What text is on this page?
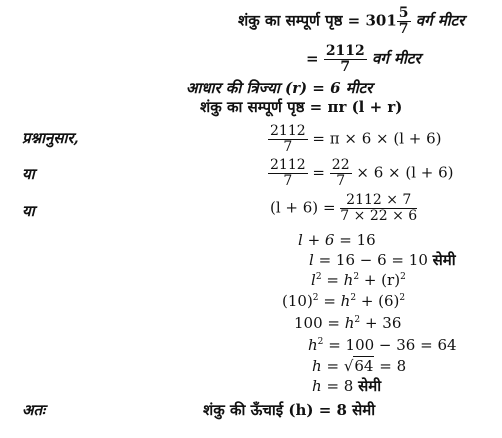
शंकु का सम्पूर्ण पृष्ठ = $301 \frac{5}{7}$ वर्ग मीटर
= $\frac{2112}{7}$ वर्ग मीटर
आधार की त्रिज्या (r) = 6 मीटर
शंकु का सम्पूर्ण पृष्ठ = πr (l + r)
प्रश्नानुसार,	$\frac{2112}{7} = \pi \times 6 \times (l + 6)$
या	$\frac{2112}{7} = \frac{22}{7} \times 6 \times (l + 6)$
या	$(l + 6) = \frac{2112 \times 7}{7 \times 22 \times 6}$
l + 6 = 16
l = 16 − 6 = 10 सेमी
$l^2 = h^2 + (r)^2$
$(10)^2 = h^2 + (6)^2$
$100 = h^2 + 36$
$h^2 = 100 - 36 = 64$
h = √64 = 8
h = 8 सेमी
अतः	शंकु की ऊँचाई (h) = 8 सेमी
